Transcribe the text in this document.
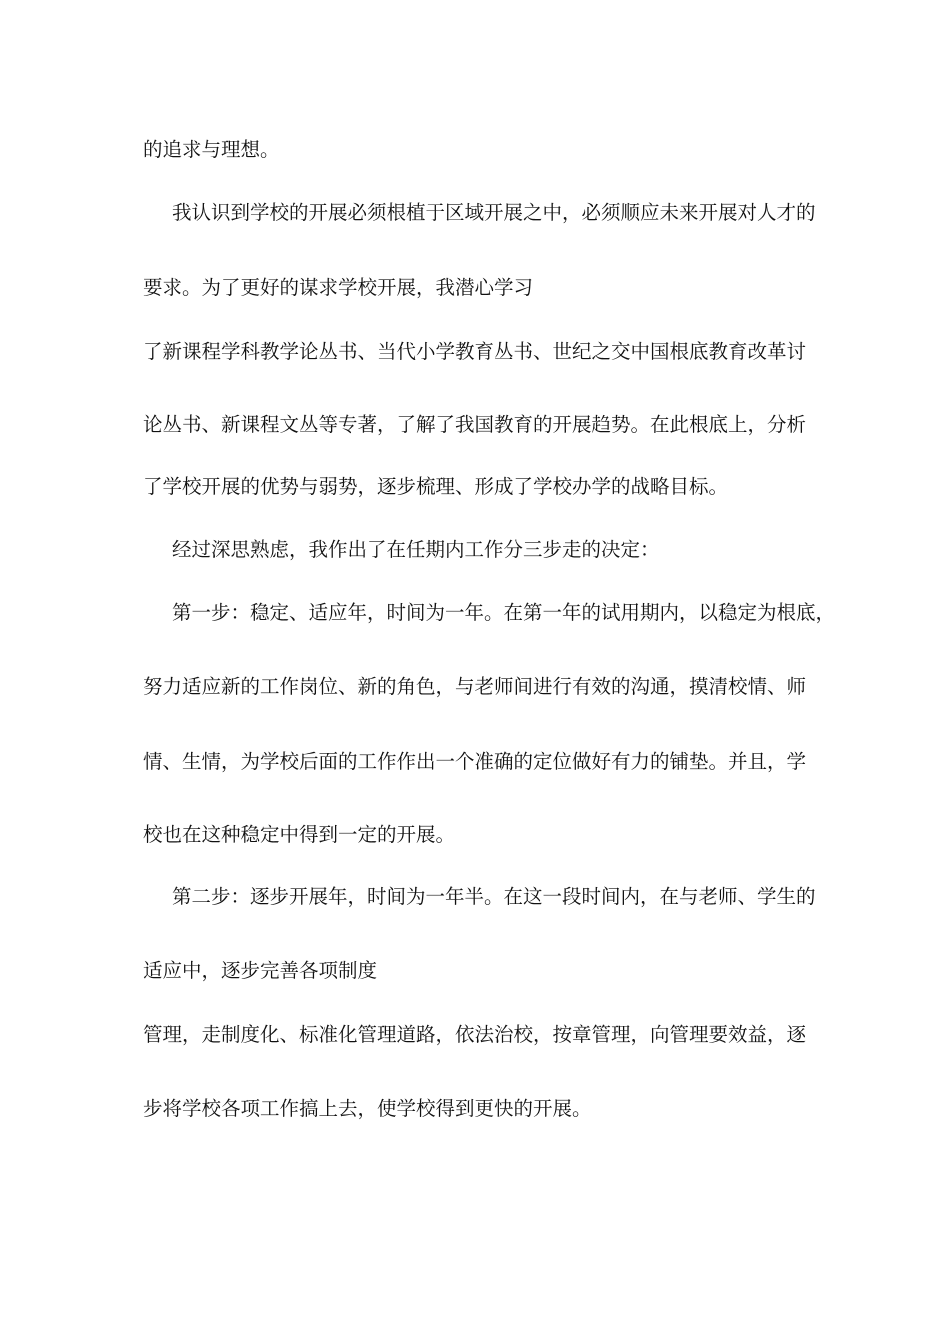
的追求与理想。

我认识到学校的开展必须根植于区域开展之中，必须顺应未来开展对人才的

要求。为了更好的谋求学校开展，我潜心学习

了新课程学科教学论丛书、当代小学教育丛书、世纪之交中国根底教育改革讨

论丛书、新课程文丛等专著，了解了我国教育的开展趋势。在此根底上，分析

了学校开展的优势与弱势，逐步梳理、形成了学校办学的战略目标。

经过深思熟虑，我作出了在任期内工作分三步走的决定：

第一步：稳定、适应年，时间为一年。在第一年的试用期内，以稳定为根底，

努力适应新的工作岗位、新的角色，与老师间进行有效的沟通，摸清校情、师

情、生情，为学校后面的工作作出一个准确的定位做好有力的铺垫。并且，学

校也在这种稳定中得到一定的开展。

第二步：逐步开展年，时间为一年半。在这一段时间内，在与老师、学生的

适应中，逐步完善各项制度

管理，走制度化、标准化管理道路，依法治校，按章管理，向管理要效益，逐

步将学校各项工作搞上去，使学校得到更快的开展。
